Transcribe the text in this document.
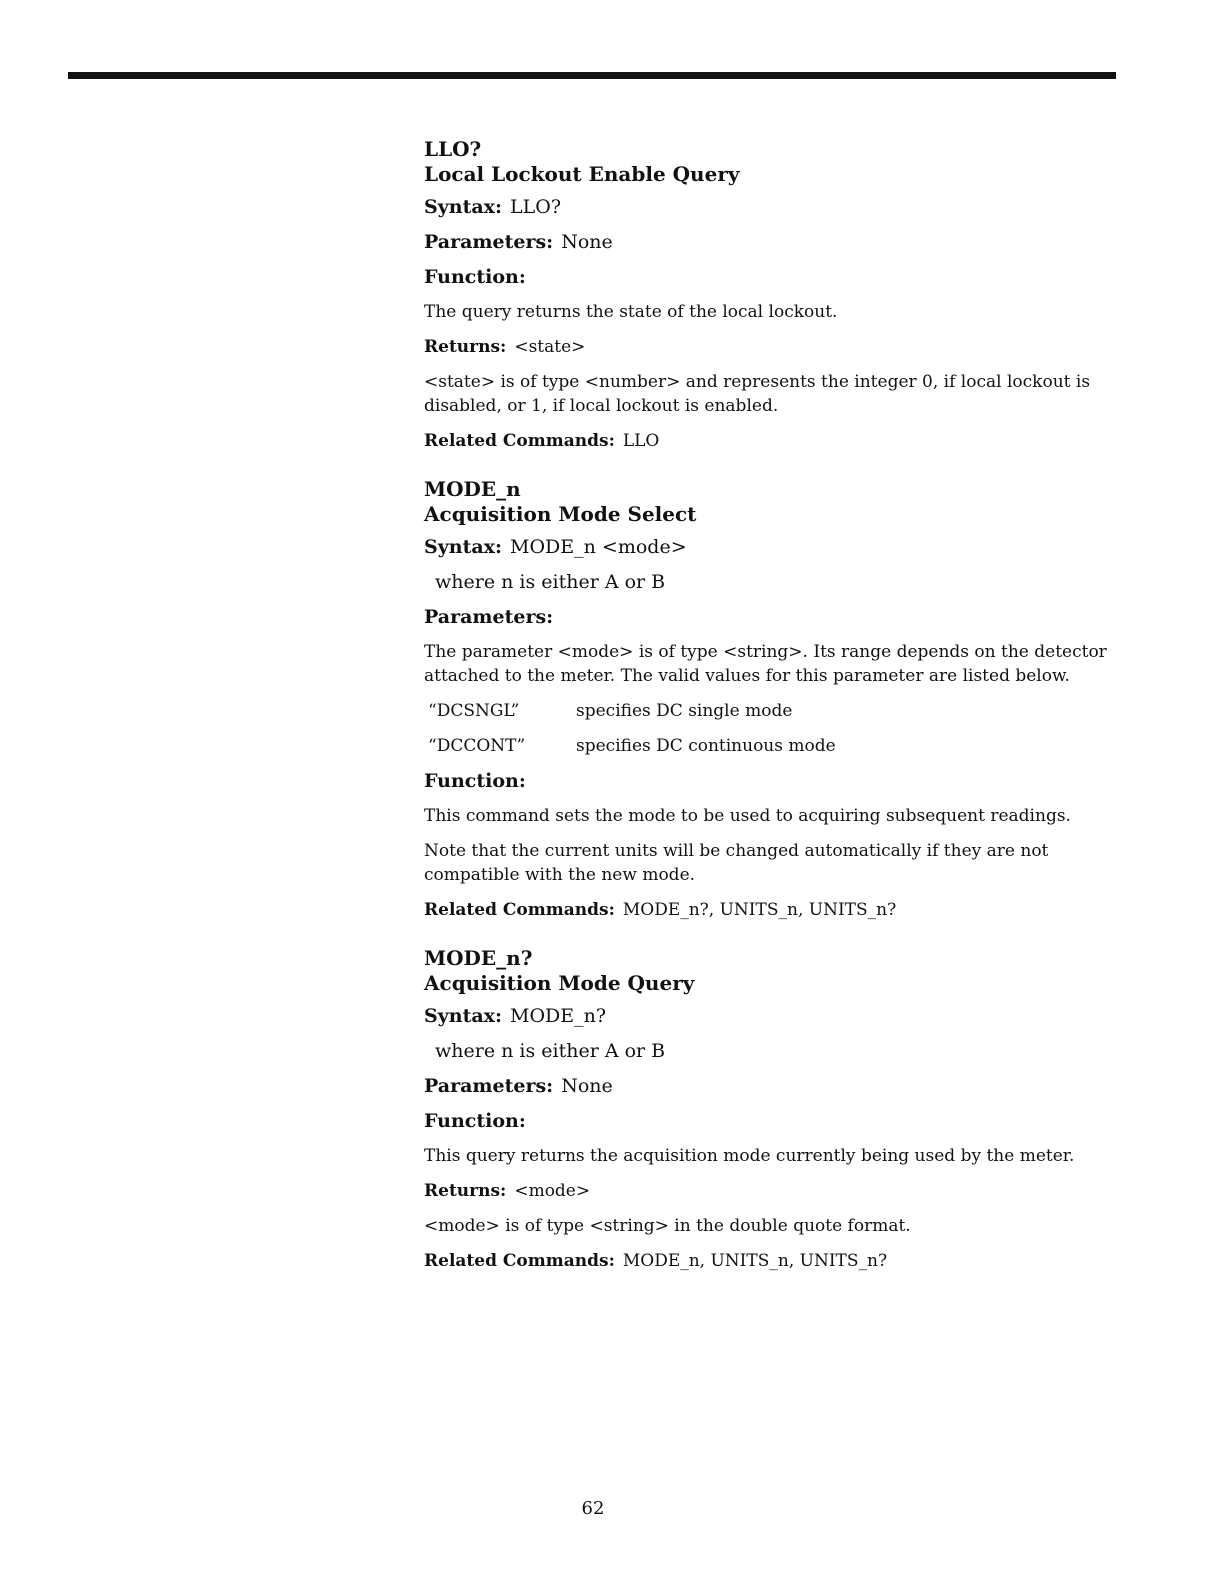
LLO?

Local Lockout Enable Query

Syntax: LLO?

Parameters: None

Function:

The query returns the state of the local lockout.

Returns: <state>

<state> is of type <number> and represents the integer 0, if local lockout is disabled, or 1, if local lockout is enabled.

Related Commands: LLO

MODE_n

Acquisition Mode Select

Syntax: MODE_n <mode>

where n is either A or B

Parameters:

The parameter <mode> is of type <string>. Its range depends on the detector attached to the meter. The valid values for this parameter are listed below.

“DCSNGL”	specifies DC single mode
“DCCONT”	specifies DC continuous mode

Function:

This command sets the mode to be used to acquiring subsequent readings.

Note that the current units will be changed automatically if they are not compatible with the new mode.

Related Commands: MODE_n?, UNITS_n, UNITS_n?

MODE_n?

Acquisition Mode Query

Syntax: MODE_n?

where n is either A or B

Parameters: None

Function:

This query returns the acquisition mode currently being used by the meter.

Returns: <mode>

<mode> is of type <string> in the double quote format.

Related Commands: MODE_n, UNITS_n, UNITS_n?

62
